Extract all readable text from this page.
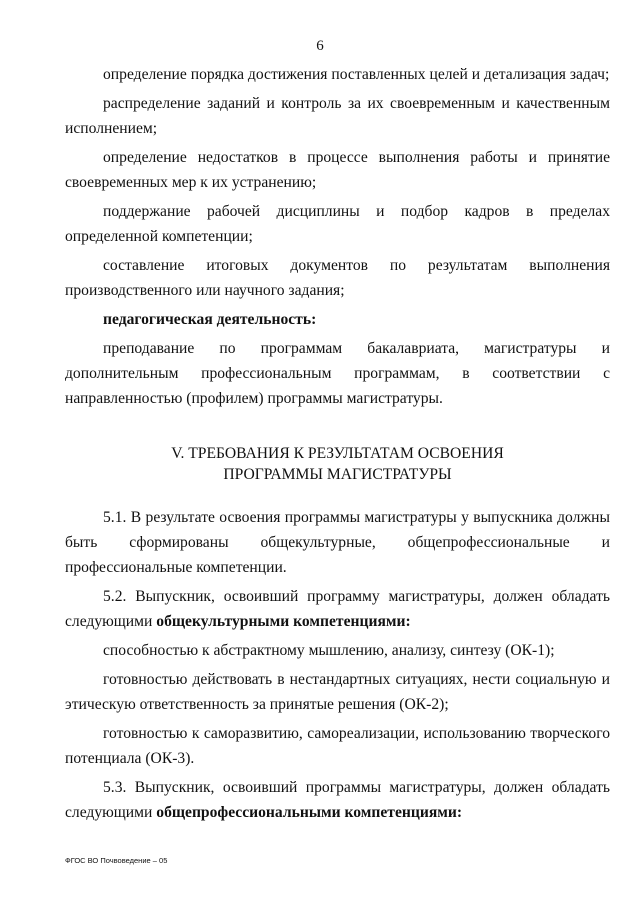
6

определение порядка достижения поставленных целей и детализация задач;

распределение заданий и контроль за их своевременным и качественным исполнением;

определение недостатков в процессе выполнения работы и принятие своевременных мер к их устранению;

поддержание рабочей дисциплины и подбор кадров в пределах определенной компетенции;

составление итоговых документов по результатам выполнения производственного или научного задания;

педагогическая деятельность:

преподавание по программам бакалавриата, магистратуры и дополнительным профессиональным программам, в соответствии с направленностью (профилем) программы магистратуры.

V. ТРЕБОВАНИЯ К РЕЗУЛЬТАТАМ ОСВОЕНИЯ
ПРОГРАММЫ МАГИСТРАТУРЫ

5.1. В результате освоения программы магистратуры у выпускника должны быть сформированы общекультурные, общепрофессиональные и профессиональные компетенции.

5.2. Выпускник, освоивший программу магистратуры, должен обладать следующими общекультурными компетенциями:

способностью к абстрактному мышлению, анализу, синтезу (ОК-1);

готовностью действовать в нестандартных ситуациях, нести социальную и этическую ответственность за принятые решения (ОК-2);

готовностью к саморазвитию, самореализации, использованию творческого потенциала (ОК-3).

5.3. Выпускник, освоивший программы магистратуры, должен обладать следующими общепрофессиональными компетенциями:

ФГОС ВО Почвоведение – 05
